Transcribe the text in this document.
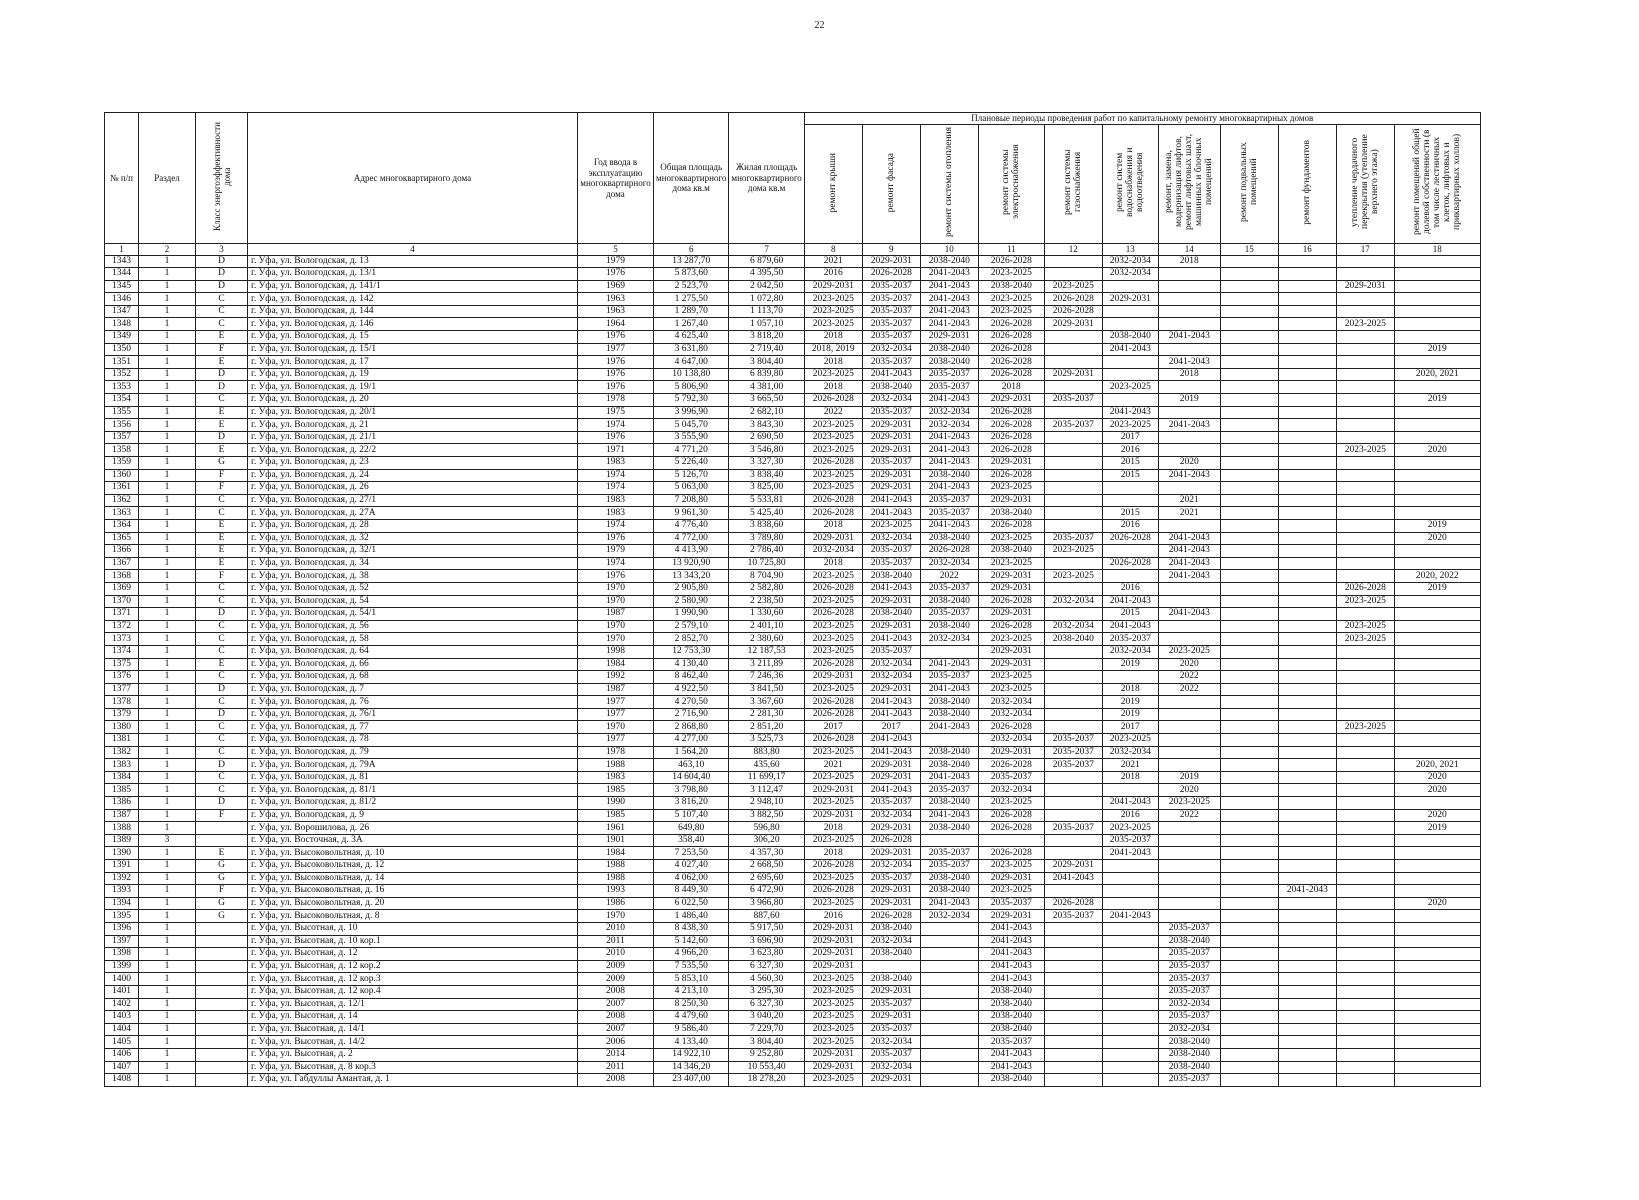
22
№ п/п	Раздел	Класс энергоэффективности дома	Адрес многоквартирного дома	Год ввода в эксплуатацию многоквартирного дома	Общая площадь многоквартирного дома кв.м	Жилая площадь многоквартирного дома кв.м	Плановые периоды проведения работ по капитальному ремонту многоквартирных домов										
							ремонт крыши	ремонт фасада	ремонт системы отопления	ремонт системы электроснабжения	ремонт системы газоснабжения	ремонт систем водоснабжения и водоотведения	ремонт, замена, модернизация лифтов, ремонт лифтовых шахт, машинных и блочных помещений	ремонт подвальных помещений	ремонт фундаментов	утепление чердачного перекрытия (утепление верхнего этажа)	ремонт помещений общей долевой собственности (в том числе лестничных клеток, лифтовых и приквартирных холлов)
1	2	3	4	5	6	7	8	9	10	11	12	13	14	15	16	17	18
1343	1	D	г. Уфа, ул. Вологодская, д. 13	1979	13 287,70	6 879,60	2021	2029-2031	2038-2040	2026-2028		2032-2034	2018				
1344	1	D	г. Уфа, ул. Вологодская, д. 13/1	1976	5 873,60	4 395,50	2016	2026-2028	2041-2043	2023-2025		2032-2034					
1345	1	D	г. Уфа, ул. Вологодская, д. 141/1	1969	2 523,70	2 042,50	2029-2031	2035-2037	2041-2043	2038-2040	2023-2025					2029-2031	
1346	1	C	г. Уфа, ул. Вологодская, д. 142	1963	1 275,50	1 072,80	2023-2025	2035-2037	2041-2043	2023-2025	2026-2028	2029-2031					
1347	1	C	г. Уфа, ул. Вологодская, д. 144	1963	1 289,70	1 113,70	2023-2025	2035-2037	2041-2043	2023-2025	2026-2028						
1348	1	C	г. Уфа, ул. Вологодская, д. 146	1964	1 267,40	1 057,10	2023-2025	2035-2037	2041-2043	2026-2028	2029-2031					2023-2025	
1349	1	E	г. Уфа, ул. Вологодская, д. 15	1976	4 625,40	3 818,20	2018	2035-2037	2029-2031	2026-2028		2038-2040	2041-2043				
1350	1	F	г. Уфа, ул. Вологодская, д. 15/1	1977	3 631,80	2 719,40	2018, 2019	2032-2034	2038-2040	2026-2028		2041-2043					2019
1351	1	E	г. Уфа, ул. Вологодская, д. 17	1976	4 647,00	3 804,40	2018	2035-2037	2038-2040	2026-2028			2041-2043				
1352	1	D	г. Уфа, ул. Вологодская, д. 19	1976	10 138,80	6 839,80	2023-2025	2041-2043	2035-2037	2026-2028	2029-2031		2018				2020, 2021
1353	1	D	г. Уфа, ул. Вологодская, д. 19/1	1976	5 806,90	4 381,00	2018	2038-2040	2035-2037	2018		2023-2025					
1354	1	C	г. Уфа, ул. Вологодская, д. 20	1978	5 792,30	3 665,50	2026-2028	2032-2034	2041-2043	2029-2031	2035-2037		2019				2019
1355	1	E	г. Уфа, ул. Вологодская, д. 20/1	1975	3 996,90	2 682,10	2022	2035-2037	2032-2034	2026-2028		2041-2043					
1356	1	E	г. Уфа, ул. Вологодская, д. 21	1974	5 045,70	3 843,30	2023-2025	2029-2031	2032-2034	2026-2028	2035-2037	2023-2025	2041-2043				
1357	1	D	г. Уфа, ул. Вологодская, д. 21/1	1976	3 555,90	2 690,50	2023-2025	2029-2031	2041-2043	2026-2028		2017					
1358	1	E	г. Уфа, ул. Вологодская, д. 22/2	1971	4 771,20	3 546,80	2023-2025	2029-2031	2041-2043	2026-2028		2016				2023-2025	2020
1359	1	G	г. Уфа, ул. Вологодская, д. 23	1983	5 226,40	3 327,30	2026-2028	2035-2037	2041-2043	2029-2031		2015	2020				
1360	1	F	г. Уфа, ул. Вологодская, д. 24	1974	5 126,70	3 838,40	2023-2025	2029-2031	2038-2040	2026-2028		2015	2041-2043				
1361	1	F	г. Уфа, ул. Вологодская, д. 26	1974	5 063,00	3 825,00	2023-2025	2029-2031	2041-2043	2023-2025							
1362	1	C	г. Уфа, ул. Вологодская, д. 27/1	1983	7 208,80	5 533,81	2026-2028	2041-2043	2035-2037	2029-2031			2021				
1363	1	C	г. Уфа, ул. Вологодская, д. 27А	1983	9 961,30	5 425,40	2026-2028	2041-2043	2035-2037	2038-2040		2015	2021				
1364	1	E	г. Уфа, ул. Вологодская, д. 28	1974	4 776,40	3 838,60	2018	2023-2025	2041-2043	2026-2028		2016					2019
1365	1	E	г. Уфа, ул. Вологодская, д. 32	1976	4 772,00	3 789,80	2029-2031	2032-2034	2038-2040	2023-2025	2035-2037	2026-2028	2041-2043				2020
1366	1	E	г. Уфа, ул. Вологодская, д. 32/1	1979	4 413,90	2 786,40	2032-2034	2035-2037	2026-2028	2038-2040	2023-2025		2041-2043				
1367	1	E	г. Уфа, ул. Вологодская, д. 34	1974	13 920,90	10 725,80	2018	2035-2037	2032-2034	2023-2025		2026-2028	2041-2043				
1368	1	F	г. Уфа, ул. Вологодская, д. 38	1976	13 343,20	8 704,90	2023-2025	2038-2040	2022	2029-2031	2023-2025		2041-2043				2020, 2022
1369	1	C	г. Уфа, ул. Вологодская, д. 52	1970	2 905,80	2 582,80	2026-2028	2041-2043	2035-2037	2029-2031		2016				2026-2028	2019
1370	1	C	г. Уфа, ул. Вологодская, д. 54	1970	2 580,90	2 238,50	2023-2025	2029-2031	2038-2040	2026-2028	2032-2034	2041-2043				2023-2025	
1371	1	D	г. Уфа, ул. Вологодская, д. 54/1	1987	1 990,90	1 330,60	2026-2028	2038-2040	2035-2037	2029-2031		2015	2041-2043				
1372	1	C	г. Уфа, ул. Вологодская, д. 56	1970	2 579,10	2 401,10	2023-2025	2029-2031	2038-2040	2026-2028	2032-2034	2041-2043				2023-2025	
1373	1	C	г. Уфа, ул. Вологодская, д. 58	1970	2 852,70	2 380,60	2023-2025	2041-2043	2032-2034	2023-2025	2038-2040	2035-2037				2023-2025	
1374	1	C	г. Уфа, ул. Вологодская, д. 64	1998	12 753,30	12 187,53	2023-2025	2035-2037		2029-2031		2032-2034	2023-2025				
1375	1	E	г. Уфа, ул. Вологодская, д. 66	1984	4 130,40	3 211,89	2026-2028	2032-2034	2041-2043	2029-2031		2019	2020				
1376	1	C	г. Уфа, ул. Вологодская, д. 68	1992	8 462,40	7 246,36	2029-2031	2032-2034	2035-2037	2023-2025			2022				
1377	1	D	г. Уфа, ул. Вологодская, д. 7	1987	4 922,50	3 841,50	2023-2025	2029-2031	2041-2043	2023-2025		2018	2022				
1378	1	C	г. Уфа, ул. Вологодская, д. 76	1977	4 270,50	3 367,60	2026-2028	2041-2043	2038-2040	2032-2034		2019					
1379	1	D	г. Уфа, ул. Вологодская, д. 76/1	1977	2 716,90	2 281,30	2026-2028	2041-2043	2038-2040	2032-2034		2019					
1380	1	C	г. Уфа, ул. Вологодская, д. 77	1970	2 868,80	2 851,20	2017	2017	2041-2043	2026-2028		2017				2023-2025	
1381	1	C	г. Уфа, ул. Вологодская, д. 78	1977	4 277,00	3 525,73	2026-2028	2041-2043		2032-2034	2035-2037	2023-2025					
1382	1	C	г. Уфа, ул. Вологодская, д. 79	1978	1 564,20	883,80	2023-2025	2041-2043	2038-2040	2029-2031	2035-2037	2032-2034					
1383	1	D	г. Уфа, ул. Вологодская, д. 79А	1988	463,10	435,60	2021	2029-2031	2038-2040	2026-2028	2035-2037	2021					2020, 2021
1384	1	C	г. Уфа, ул. Вологодская, д. 81	1983	14 604,40	11 699,17	2023-2025	2029-2031	2041-2043	2035-2037		2018	2019				2020
1385	1	C	г. Уфа, ул. Вологодская, д. 81/1	1985	3 798,80	3 112,47	2029-2031	2041-2043	2035-2037	2032-2034			2020				2020
1386	1	D	г. Уфа, ул. Вологодская, д. 81/2	1990	3 816,20	2 948,10	2023-2025	2035-2037	2038-2040	2023-2025		2041-2043	2023-2025				
1387	1	F	г. Уфа, ул. Вологодская, д. 9	1985	5 107,40	3 882,50	2029-2031	2032-2034	2041-2043	2026-2028		2016	2022				2020
1388	1		г. Уфа, ул. Ворошилова, д. 26	1961	649,80	596,80	2018	2029-2031	2038-2040	2026-2028	2035-2037	2023-2025					2019
1389	3		г. Уфа, ул. Восточная, д. 3А	1901	358,40	306,20	2023-2025	2026-2028				2035-2037					
1390	1	E	г. Уфа, ул. Высоковольтная, д. 10	1984	7 253,50	4 357,30	2018	2029-2031	2035-2037	2026-2028		2041-2043					
1391	1	G	г. Уфа, ул. Высоковольтная, д. 12	1988	4 027,40	2 668,50	2026-2028	2032-2034	2035-2037	2023-2025	2029-2031						
1392	1	G	г. Уфа, ул. Высоковольтная, д. 14	1988	4 062,00	2 695,60	2023-2025	2035-2037	2038-2040	2029-2031	2041-2043						
1393	1	F	г. Уфа, ул. Высоковольтная, д. 16	1993	8 449,30	6 472,90	2026-2028	2029-2031	2038-2040	2023-2025					2041-2043		
1394	1	G	г. Уфа, ул. Высоковольтная, д. 20	1986	6 022,50	3 966,80	2023-2025	2029-2031	2041-2043	2035-2037	2026-2028						2020
1395	1	G	г. Уфа, ул. Высоковольтная, д. 8	1970	1 486,40	887,60	2016	2026-2028	2032-2034	2029-2031	2035-2037	2041-2043					
1396	1		г. Уфа, ул. Высотная, д. 10	2010	8 438,30	5 917,50	2029-2031	2038-2040		2041-2043			2035-2037				
1397	1		г. Уфа, ул. Высотная, д. 10 кор.1	2011	5 142,60	3 696,90	2029-2031	2032-2034		2041-2043			2038-2040				
1398	1		г. Уфа, ул. Высотная, д. 12	2010	4 966,20	3 623,80	2029-2031	2038-2040		2041-2043			2035-2037				
1399	1		г. Уфа, ул. Высотная, д. 12 кор.2	2009	7 535,50	6 327,30	2029-2031			2041-2043			2035-2037				
1400	1		г. Уфа, ул. Высотная, д. 12 кор.3	2009	5 853,10	4 560,30	2023-2025	2038-2040		2041-2043			2035-2037				
1401	1		г. Уфа, ул. Высотная, д. 12 кор.4	2008	4 213,10	3 295,30	2023-2025	2029-2031		2038-2040			2035-2037				
1402	1		г. Уфа, ул. Высотная, д. 12/1	2007	8 250,30	6 327,30	2023-2025	2035-2037		2038-2040			2032-2034				
1403	1		г. Уфа, ул. Высотная, д. 14	2008	4 479,60	3 040,20	2023-2025	2029-2031		2038-2040			2035-2037				
1404	1		г. Уфа, ул. Высотная, д. 14/1	2007	9 586,40	7 229,70	2023-2025	2035-2037		2038-2040			2032-2034				
1405	1		г. Уфа, ул. Высотная, д. 14/2	2006	4 133,40	3 804,40	2023-2025	2032-2034		2035-2037			2038-2040				
1406	1		г. Уфа, ул. Высотная, д. 2	2014	14 922,10	9 252,80	2029-2031	2035-2037		2041-2043			2038-2040				
1407	1		г. Уфа, ул. Высотная, д. 8 кор.3	2011	14 346,20	10 553,40	2029-2031	2032-2034		2041-2043			2038-2040				
1408	1		г. Уфа, ул. Габдуллы Амантая, д. 1	2008	23 407,00	18 278,20	2023-2025	2029-2031		2038-2040			2035-2037				
